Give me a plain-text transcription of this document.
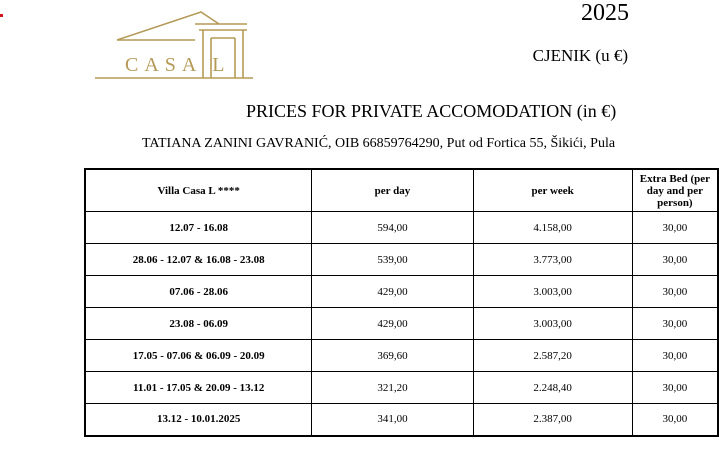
CASA L
2025
CJENIK (u €)
PRICES FOR PRIVATE ACCOMODATION (in €)
TATIANA ZANINI GAVRANIĆ, OIB 66859764290, Put od Fortica 55, Šikići, Pula
Villa Casa L ****	per day	per week	Extra Bed (per day and per person)
12.07 - 16.08	594,00	4.158,00	30,00
28.06 - 12.07 & 16.08 - 23.08	539,00	3.773,00	30,00
07.06 - 28.06	429,00	3.003,00	30,00
23.08 - 06.09	429,00	3.003,00	30,00
17.05 - 07.06 & 06.09 - 20.09	369,60	2.587,20	30,00
11.01 - 17.05 & 20.09 - 13.12	321,20	2.248,40	30,00
13.12 - 10.01.2025	341,00	2.387,00	30,00
